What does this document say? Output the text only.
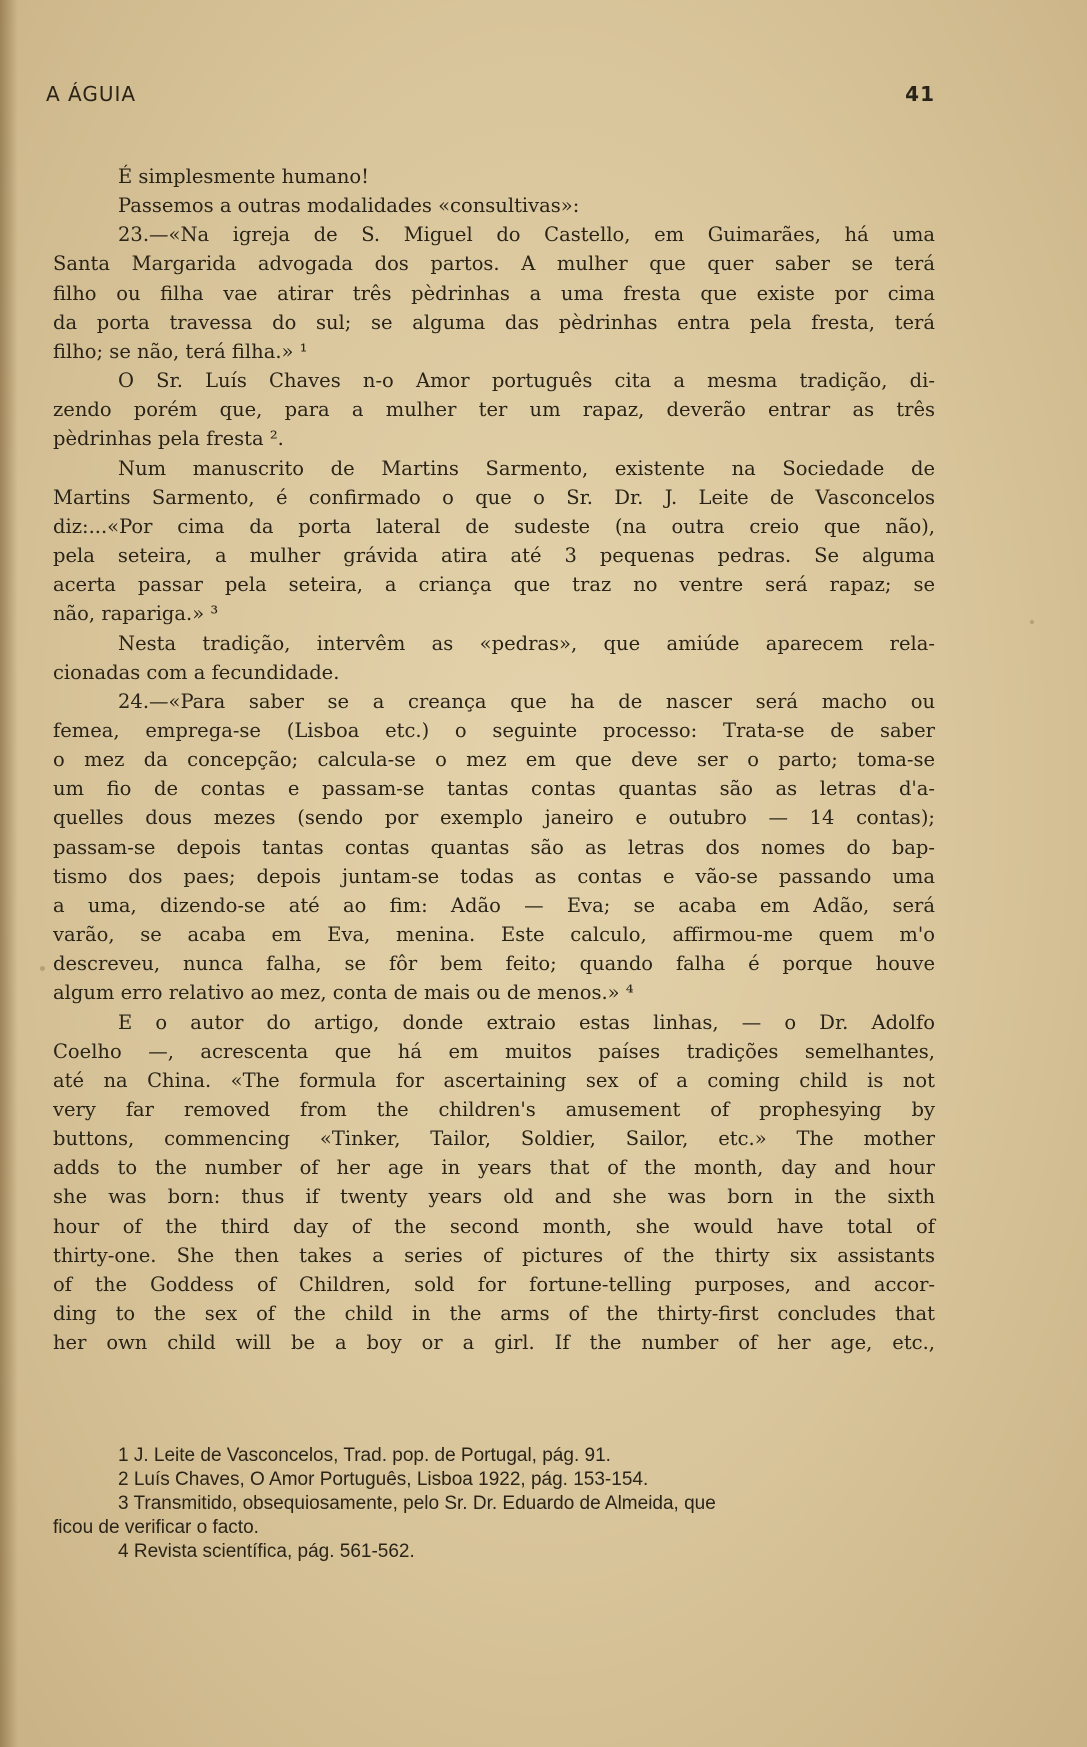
A ÁGUIA	41
É simplesmente humano!
Passemos a outras modalidades «consultivas»:
23.—«Na igreja de S. Miguel do Castello, em Guimarães, há uma
Santa Margarida advogada dos partos. A mulher que quer saber se terá
filho ou filha vae atirar três pèdrinhas a uma fresta que existe por cima
da porta travessa do sul; se alguma das pèdrinhas entra pela fresta, terá
filho; se não, terá filha.» ¹
O Sr. Luís Chaves n-o Amor português cita a mesma tradição, di-
zendo porém que, para a mulher ter um rapaz, deverão entrar as três
pèdrinhas pela fresta ².
Num manuscrito de Martins Sarmento, existente na Sociedade de
Martins Sarmento, é confirmado o que o Sr. Dr. J. Leite de Vasconcelos
diz:...«Por cima da porta lateral de sudeste (na outra creio que não),
pela seteira, a mulher grávida atira até 3 pequenas pedras. Se alguma
acerta passar pela seteira, a criança que traz no ventre será rapaz; se
não, rapariga.» ³
Nesta tradição, intervêm as «pedras», que amiúde aparecem rela-
cionadas com a fecundidade.
24.—«Para saber se a creança que ha de nascer será macho ou
femea, emprega-se (Lisboa etc.) o seguinte processo: Trata-se de saber
o mez da concepção; calcula-se o mez em que deve ser o parto; toma-se
um fio de contas e passam-se tantas contas quantas são as letras d'a-
quelles dous mezes (sendo por exemplo janeiro e outubro — 14 contas);
passam-se depois tantas contas quantas são as letras dos nomes do bap-
tismo dos paes; depois juntam-se todas as contas e vão-se passando uma
a uma, dizendo-se até ao fim: Adão — Eva; se acaba em Adão, será
varão, se acaba em Eva, menina. Este calculo, affirmou-me quem m'o
descreveu, nunca falha, se fôr bem feito; quando falha é porque houve
algum erro relativo ao mez, conta de mais ou de menos.» ⁴
E o autor do artigo, donde extraio estas linhas, — o Dr. Adolfo
Coelho —, acrescenta que há em muitos países tradições semelhantes,
até na China. «The formula for ascertaining sex of a coming child is not
very far removed from the children's amusement of prophesying by
buttons, commencing «Tinker, Tailor, Soldier, Sailor, etc.» The mother
adds to the number of her age in years that of the month, day and hour
she was born: thus if twenty years old and she was born in the sixth
hour of the third day of the second month, she would have total of
thirty-one. She then takes a series of pictures of the thirty six assistants
of the Goddess of Children, sold for fortune-telling purposes, and accor-
ding to the sex of the child in the arms of the thirty-first concludes that
her own child will be a boy or a girl. If the number of her age, etc.,
1 J. Leite de Vasconcelos, Trad. pop. de Portugal, pág. 91.
2 Luís Chaves, O Amor Português, Lisboa 1922, pág. 153-154.
3 Transmitido, obsequiosamente, pelo Sr. Dr. Eduardo de Almeida, que
ficou de verificar o facto.
4 Revista scientífica, pág. 561-562.
